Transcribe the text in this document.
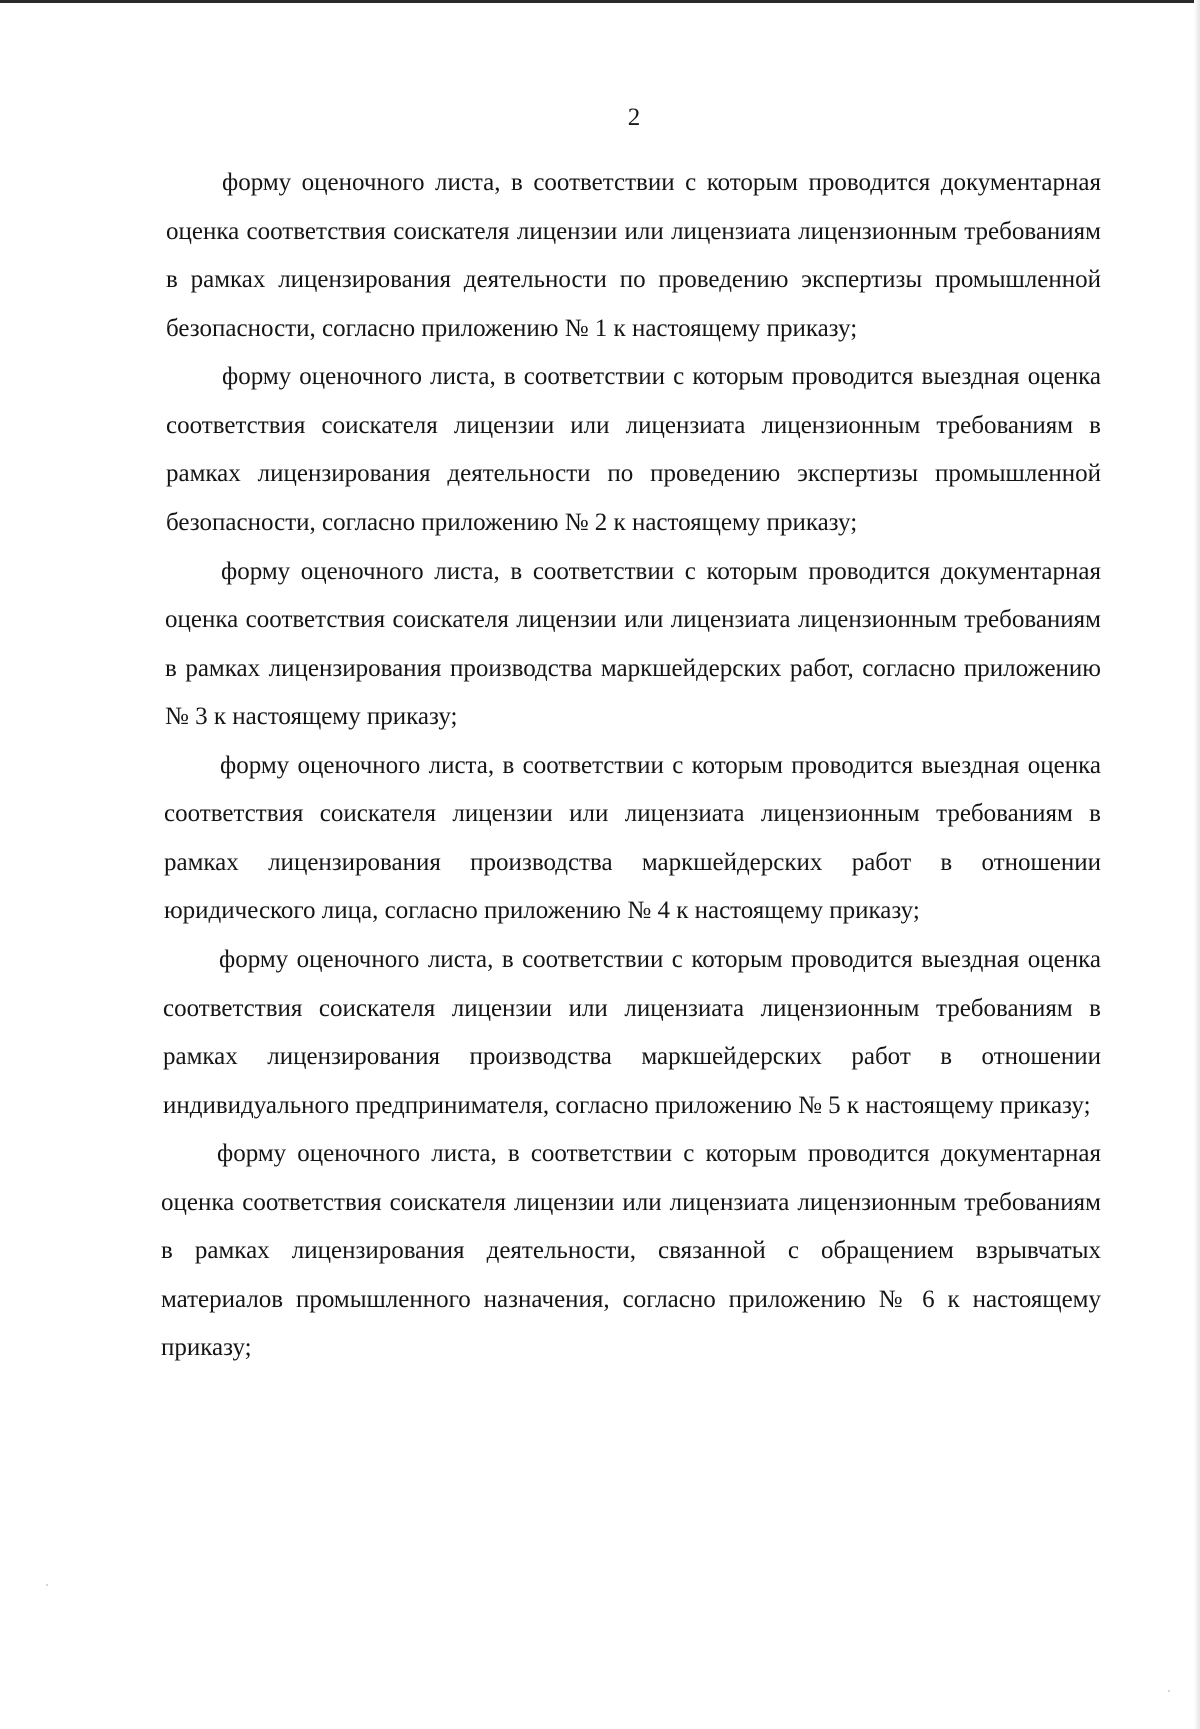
2

форму оценочного листа, в соответствии с которым проводится документарная оценка соответствия соискателя лицензии или лицензиата лицензионным требованиям в рамках лицензирования деятельности по проведению экспертизы промышленной безопасности, согласно приложению № 1 к настоящему приказу;

форму оценочного листа, в соответствии с которым проводится выездная оценка соответствия соискателя лицензии или лицензиата лицензионным требованиям в рамках лицензирования деятельности по проведению экспертизы промышленной безопасности, согласно приложению № 2 к настоящему приказу;

форму оценочного листа, в соответствии с которым проводится документарная оценка соответствия соискателя лицензии или лицензиата лицензионным требованиям в рамках лицензирования производства маркшейдерских работ, согласно приложению № 3 к настоящему приказу;

форму оценочного листа, в соответствии с которым проводится выездная оценка соответствия соискателя лицензии или лицензиата лицензионным требованиям в рамках лицензирования производства маркшейдерских работ в отношении юридического лица, согласно приложению № 4 к настоящему приказу;

форму оценочного листа, в соответствии с которым проводится выездная оценка соответствия соискателя лицензии или лицензиата лицензионным требованиям в рамках лицензирования производства маркшейдерских работ в отношении индивидуального предпринимателя, согласно приложению № 5 к настоящему приказу;

форму оценочного листа, в соответствии с которым проводится документарная оценка соответствия соискателя лицензии или лицензиата лицензионным требованиям в рамках лицензирования деятельности, связанной с обращением взрывчатых материалов промышленного назначения, согласно приложению № 6 к настоящему приказу;
